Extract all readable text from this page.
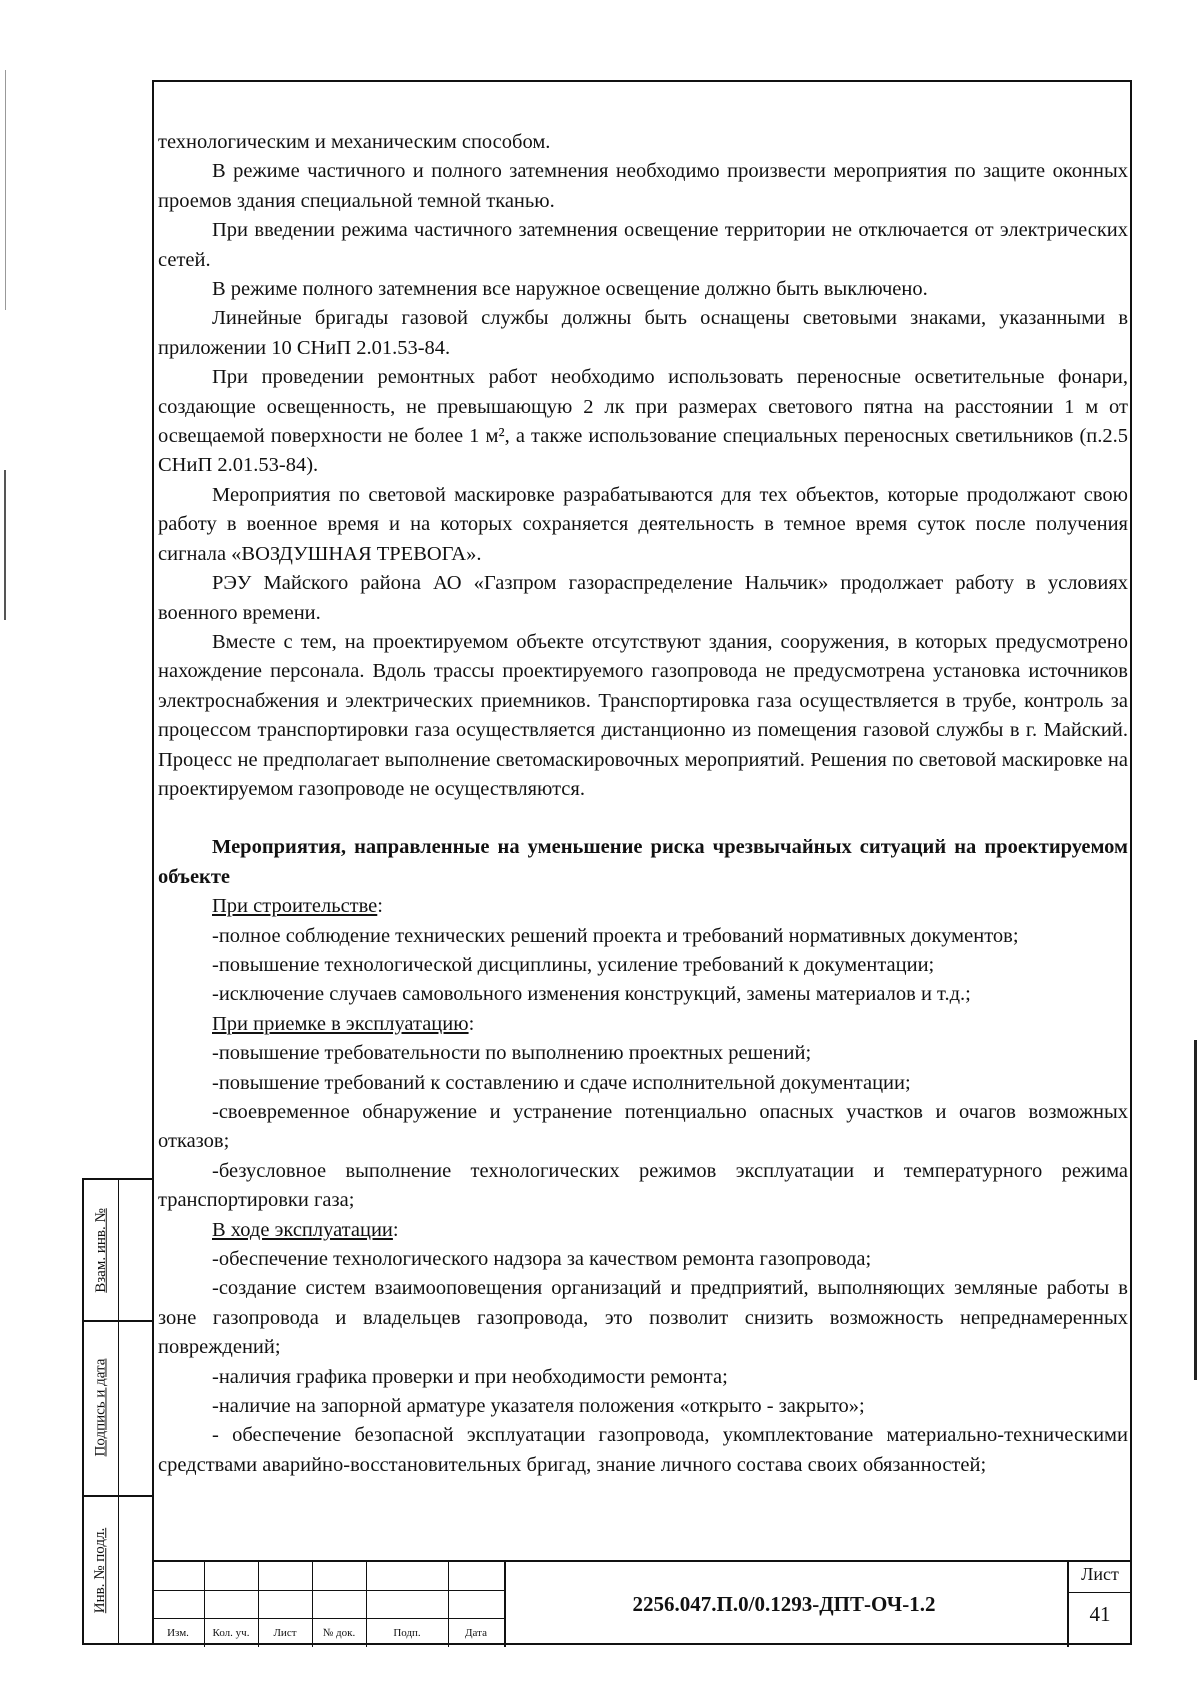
технологическим и механическим способом.

В режиме частичного и полного затемнения необходимо произвести мероприятия по защите оконных проемов здания специальной темной тканью.

При введении режима частичного затемнения освещение территории не отключается от электрических сетей.

В режиме полного затемнения все наружное освещение должно быть выключено.

Линейные бригады газовой службы должны быть оснащены световыми знаками, указанными в приложении 10 СНиП 2.01.53-84.

При проведении ремонтных работ необходимо использовать переносные осветительные фонари, создающие освещенность, не превышающую 2 лк при размерах светового пятна на расстоянии 1 м от освещаемой поверхности не более 1 м², а также использование специальных переносных светильников (п.2.5 СНиП 2.01.53-84).

Мероприятия по световой маскировке разрабатываются для тех объектов, которые продолжают свою работу в военное время и на которых сохраняется деятельность в темное время суток после получения сигнала «ВОЗДУШНАЯ ТРЕВОГА».

РЭУ Майского района АО «Газпром газораспределение Нальчик» продолжает работу в условиях военного времени.

Вместе с тем, на проектируемом объекте отсутствуют здания, сооружения, в которых предусмотрено нахождение персонала. Вдоль трассы проектируемого газопровода не предусмотрена установка источников электроснабжения и электрических приемников. Транспортировка газа осуществляется в трубе, контроль за процессом транспортировки газа осуществляется дистанционно из помещения газовой службы в г. Майский. Процесс не предполагает выполнение светомаскировочных мероприятий. Решения по световой маскировке на проектируемом газопроводе не осуществляются.

Мероприятия, направленные на уменьшение риска чрезвычайных ситуаций на проектируемом объекте

При строительстве:

-полное соблюдение технических решений проекта и требований нормативных документов;

-повышение технологической дисциплины, усиление требований к документации;

-исключение случаев самовольного изменения конструкций, замены материалов и т.д.;

При приемке в эксплуатацию:

-повышение требовательности по выполнению проектных решений;

-повышение требований к составлению и сдаче исполнительной документации;

-своевременное обнаружение и устранение потенциально опасных участков и очагов возможных отказов;

-безусловное выполнение технологических режимов эксплуатации и температурного режима транспортировки газа;

В ходе эксплуатации:

-обеспечение технологического надзора за качеством ремонта газопровода;

-создание систем взаимооповещения организаций и предприятий, выполняющих земляные работы в зоне газопровода и владельцев газопровода, это позволит снизить возможность непреднамеренных повреждений;

-наличия графика проверки и при необходимости ремонта;

-наличие на запорной арматуре указателя положения «открыто - закрыто»;

- обеспечение безопасной эксплуатации газопровода, укомплектование материально-техническими средствами аварийно-восстановительных бригад, знание личного состава своих обязанностей;

Взам. инв. №
Подпись и дата
Инв. № подл.
Изм.	Кол. уч.	Лист	№ док.	Подп.	Дата
2256.047.П.0/0.1293-ДПТ-ОЧ-1.2
Лист
41
